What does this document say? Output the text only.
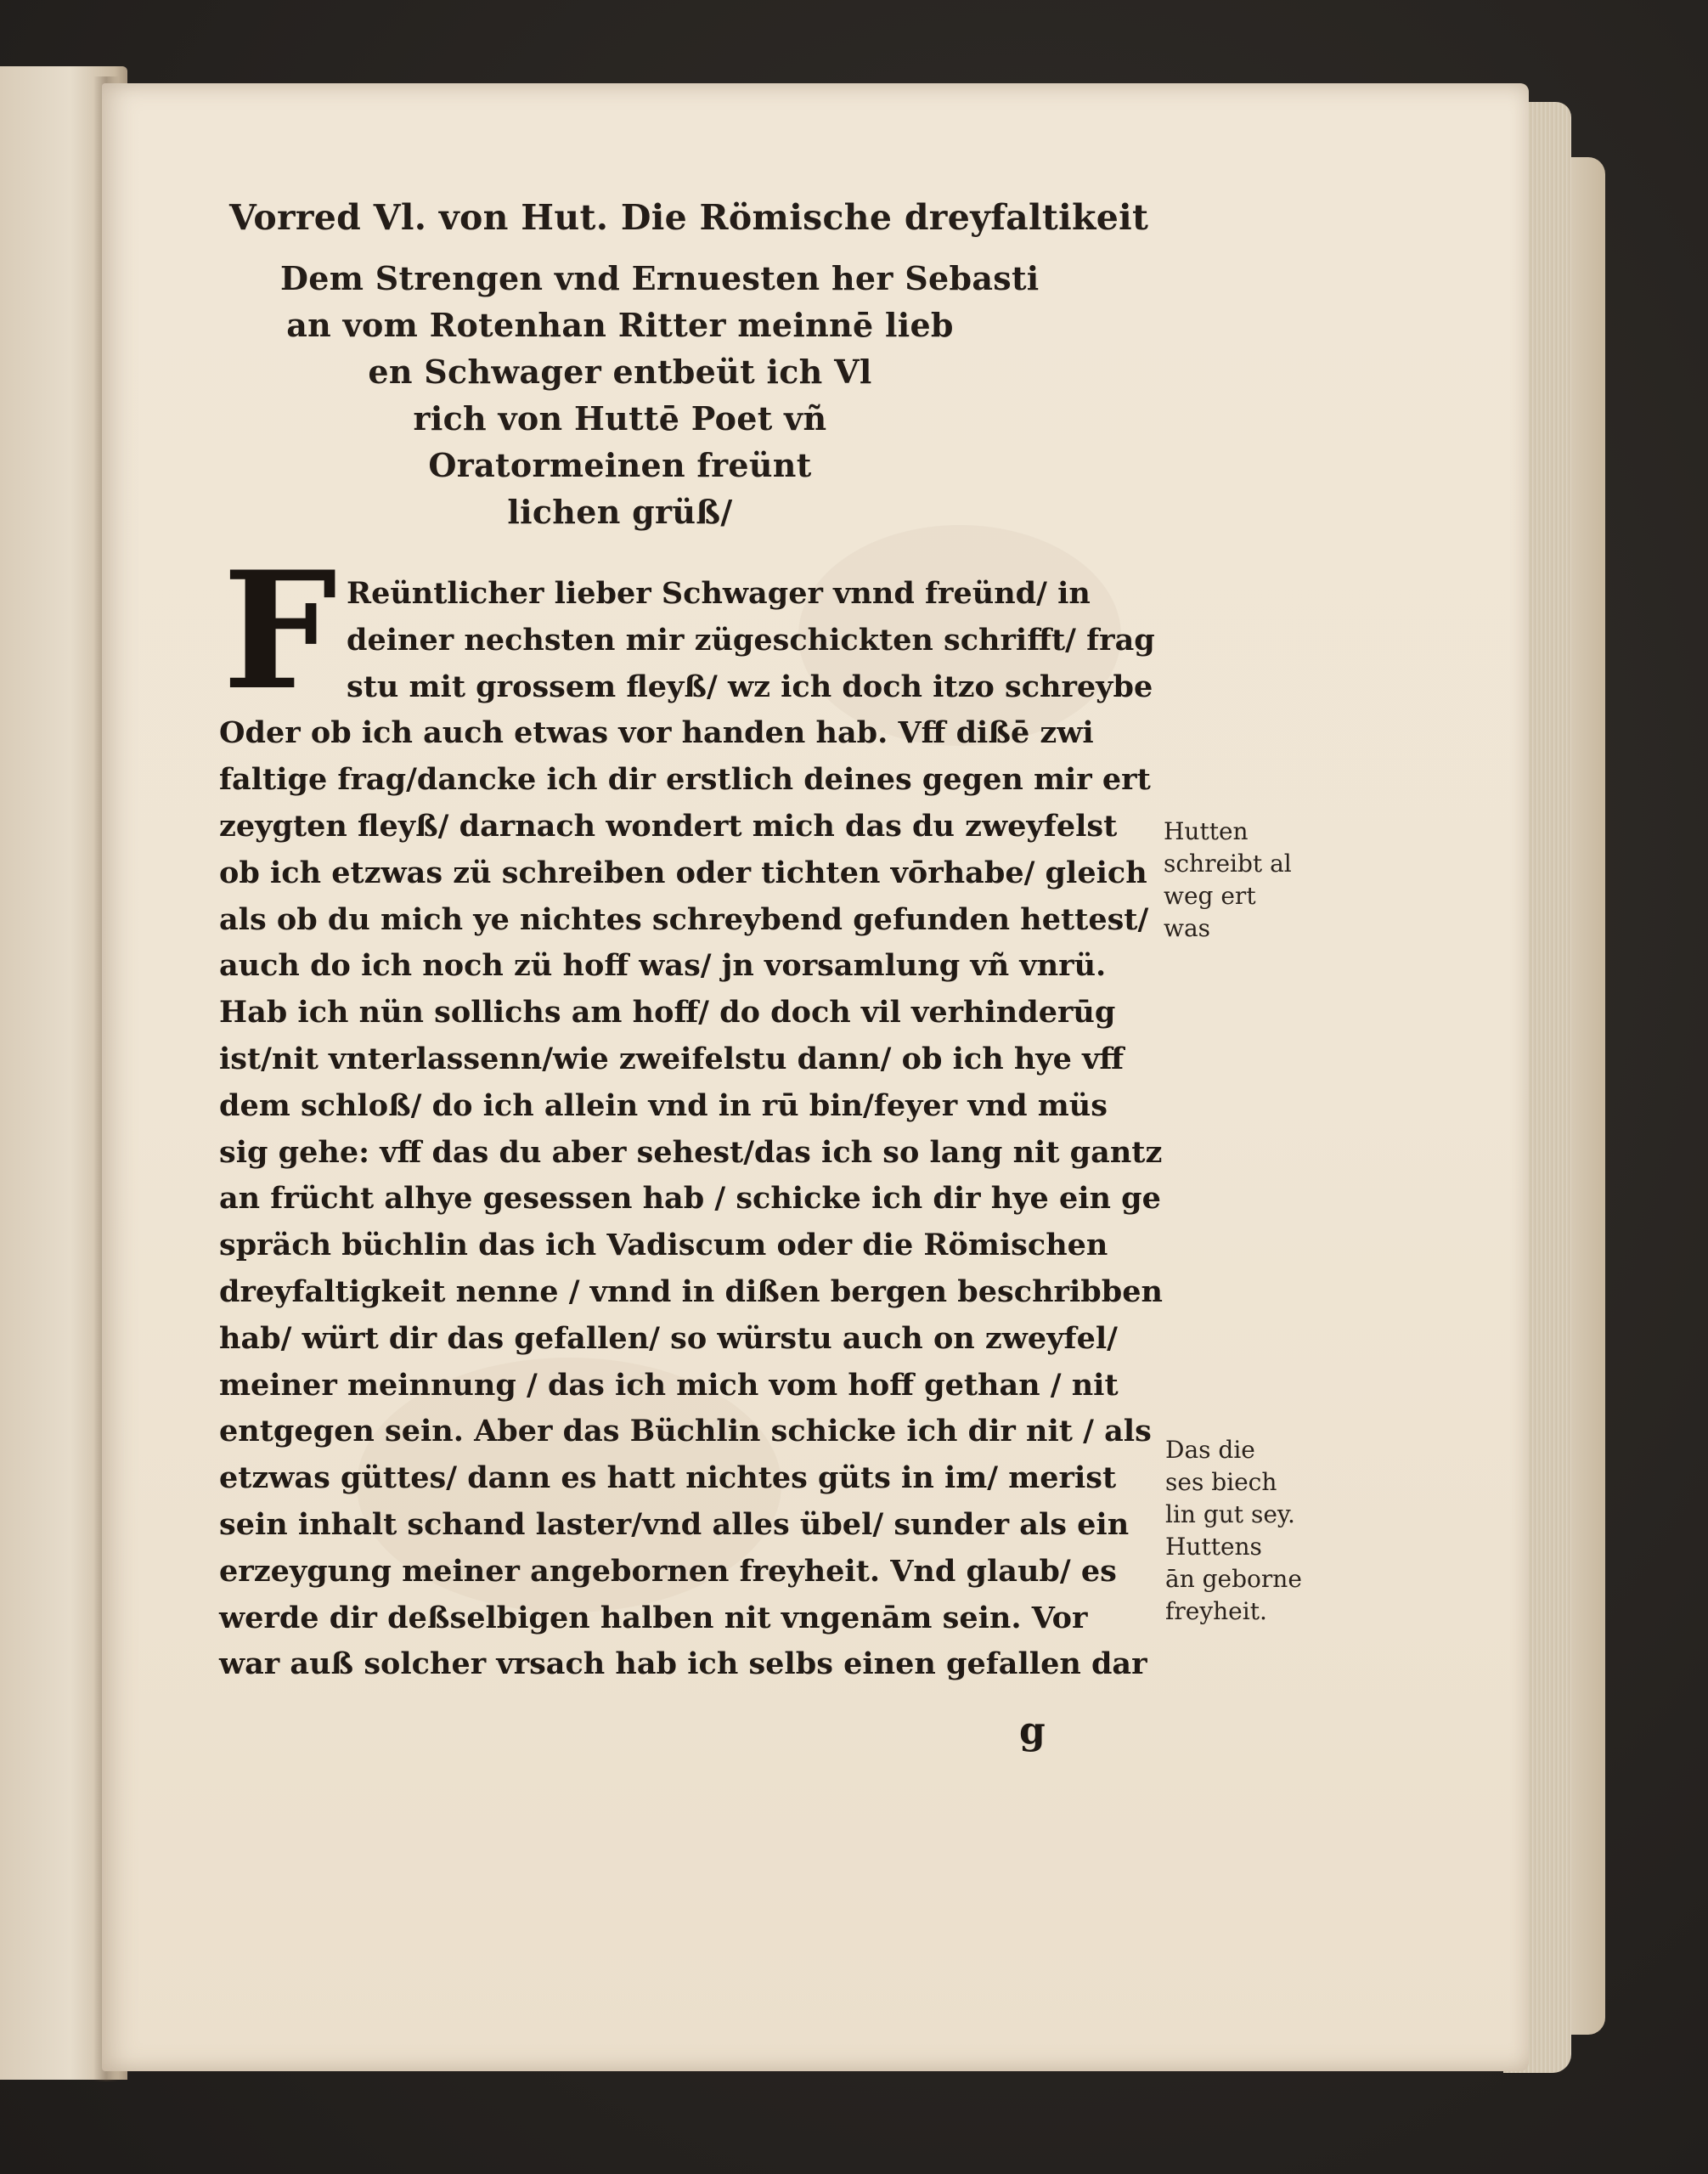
Vorred Vl. von Hut. Die Römische dreyfaltikeit
Dem Strengen vnd Ernuesten her Sebasti
an vom Rotenhan Ritter meinnē lieb
en Schwager entbeüt ich Vl
rich von Huttē Poet vñ
Oratormeinen freünt
lichen grüß/
F Reüntlicher lieber Schwager vnnd freünd/ in
deiner nechsten mir zügeschickten schrifft/ frag
stu mit grossem fleyß/ wz ich doch itzo schreybe
Oder ob ich auch etwas vor handen hab. Vff dißē zwi
faltige frag/dancke ich dir erstlich deines gegen mir ert
zeygten fleyß/ darnach wondert mich das du zweyfelst
ob ich etzwas zü schreiben oder tichten vōrhabe/ gleich
als ob du mich ye nichtes schreybend gefunden hettest/
auch do ich noch zü hoff was/ jn vorsamlung vñ vnrü.
Hab ich nün sollichs am hoff/ do doch vil verhinderūg
ist/nit vnterlassenn/wie zweifelstu dann/ ob ich hye vff
dem schloß/ do ich allein vnd in rū bin/feyer vnd müs
sig gehe: vff das du aber sehest/das ich so lang nit gantz
an frücht alhye gesessen hab / schicke ich dir hye ein ge
spräch büchlin das ich Vadiscum oder die Römischen
dreyfaltigkeit nenne / vnnd in dißen bergen beschribben
hab/ würt dir das gefallen/ so würstu auch on zweyfel/
meiner meinnung / das ich mich vom hoff gethan / nit
entgegen sein. Aber das Büchlin schicke ich dir nit / als
etzwas güttes/ dann es hatt nichtes güts in im/ merist
sein inhalt schand laster/vnd alles übel/ sunder als ein
erzeygung meiner angebornen freyheit. Vnd glaub/ es
werde dir deßselbigen halben nit vngenām sein. Vor
war auß solcher vrsach hab ich selbs einen gefallen dar
Hutten
schreibt al
weg ert
was
Das die
ses biech
lin gut sey.
Huttens
ān geborne
freyheit.
g
